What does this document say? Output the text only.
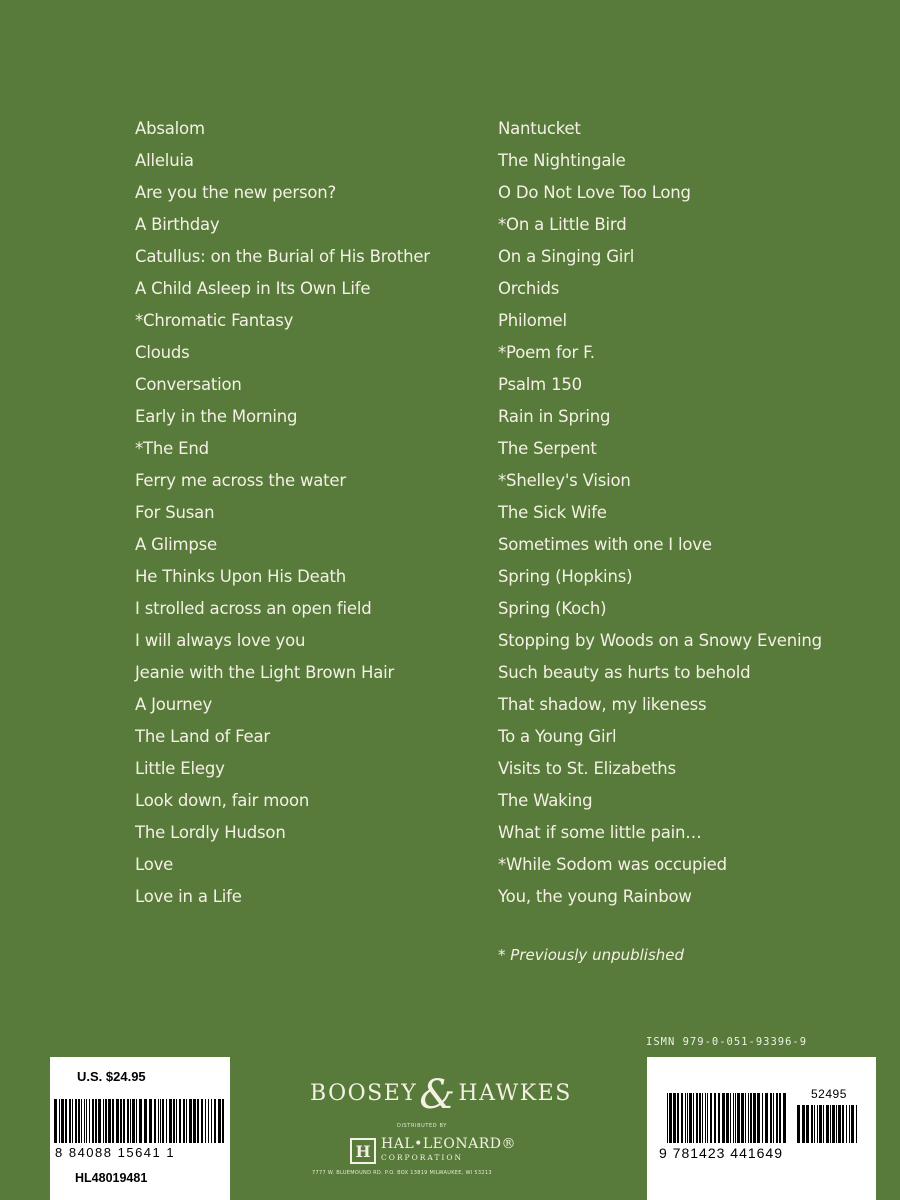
Absalom
Alleluia
Are you the new person?
A Birthday
Catullus: on the Burial of His Brother
A Child Asleep in Its Own Life
*Chromatic Fantasy
Clouds
Conversation
Early in the Morning
*The End
Ferry me across the water
For Susan
A Glimpse
He Thinks Upon His Death
I strolled across an open field
I will always love you
Jeanie with the Light Brown Hair
A Journey
The Land of Fear
Little Elegy
Look down, fair moon
The Lordly Hudson
Love
Love in a Life
Nantucket
The Nightingale
O Do Not Love Too Long
*On a Little Bird
On a Singing Girl
Orchids
Philomel
*Poem for F.
Psalm 150
Rain in Spring
The Serpent
*Shelley's Vision
The Sick Wife
Sometimes with one I love
Spring (Hopkins)
Spring (Koch)
Stopping by Woods on a Snowy Evening
Such beauty as hurts to behold
That shadow, my likeness
To a Young Girl
Visits to St. Elizabeths
The Waking
What if some little pain…
*While Sodom was occupied
You, the young Rainbow
* Previously unpublished
ISMN 979-0-051-93396-9
U.S. $24.95
8 84088 15641 1
HL48019481
BOOSEY&HAWKES
DISTRIBUTED BY
H HAL•LEONARD®
CORPORATION
7777 W. BLUEMOUND RD. P.O. BOX 13819 MILWAUKEE, WI 53213
52495
9 781423 441649
